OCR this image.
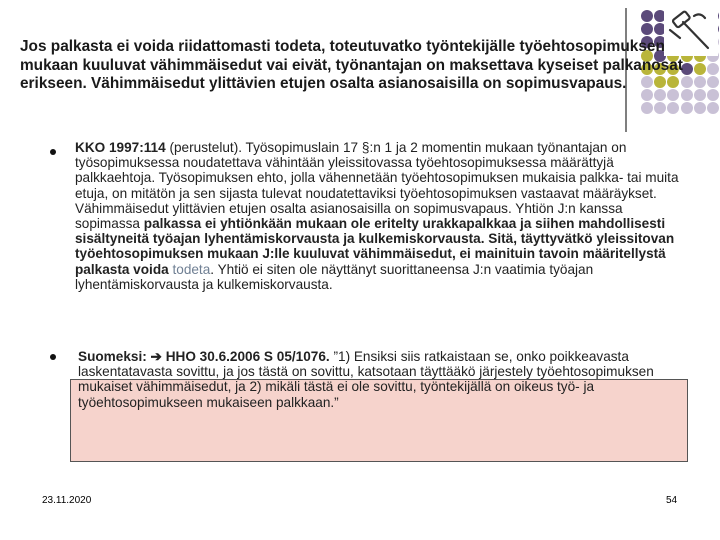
Jos palkasta ei voida riidattomasti todeta, toteutuvatko työntekijälle työehtosopimuksen mukaan kuuluvat vähimmäisedut vai eivät, työnantajan on maksettava kyseiset palkanosat erikseen. Vähimmäisedut ylittävien etujen osalta asianosaisilla on sopimusvapaus.
KKO 1997:114 (perustelut). Työsopimuslain 17 §:n 1 ja 2 momentin mukaan työnantajan on työsopimuksessa noudatettava vähintään yleissitovassa työehtosopimuksessa määrättyjä palkkaehtoja. Työsopimuksen ehto, jolla vähennetään työehtosopimuksen mukaisia palkka- tai muita etuja, on mitätön ja sen sijasta tulevat noudatettaviksi työehtosopimuksen vastaavat määräykset. Vähimmäisedut ylittävien etujen osalta asianosaisilla on sopimusvapaus. Yhtiön J:n kanssa sopimassa palkassa ei yhtiönkään mukaan ole eritelty urakkapalkkaa ja siihen mahdollisesti sisältyneitä työajan lyhentämiskorvausta ja kulkemiskorvausta. Sitä, täyttyvätkö yleissitovan työehtosopimuksen mukaan J:lle kuuluvat vähimmäisedut, ei mainituin tavoin määritellystä palkasta voida todeta. Yhtiö ei siten ole näyttänyt suorittaneensa J:n vaatimia työajan lyhentämiskorvausta ja kulkemiskorvausta.
Suomeksi: ➔ HHO 30.6.2006 S 05/1076. ”1) Ensiksi siis ratkaistaan se, onko poikkeavasta laskentatavasta sovittu, ja jos tästä on sovittu, katsotaan täyttääkö järjestely työehtosopimuksen mukaiset vähimmäisedut, ja 2) mikäli tästä ei ole sovittu, työntekijällä on oikeus työ- ja työehtosopimukseen mukaiseen palkkaan.”
23.11.2020	54
